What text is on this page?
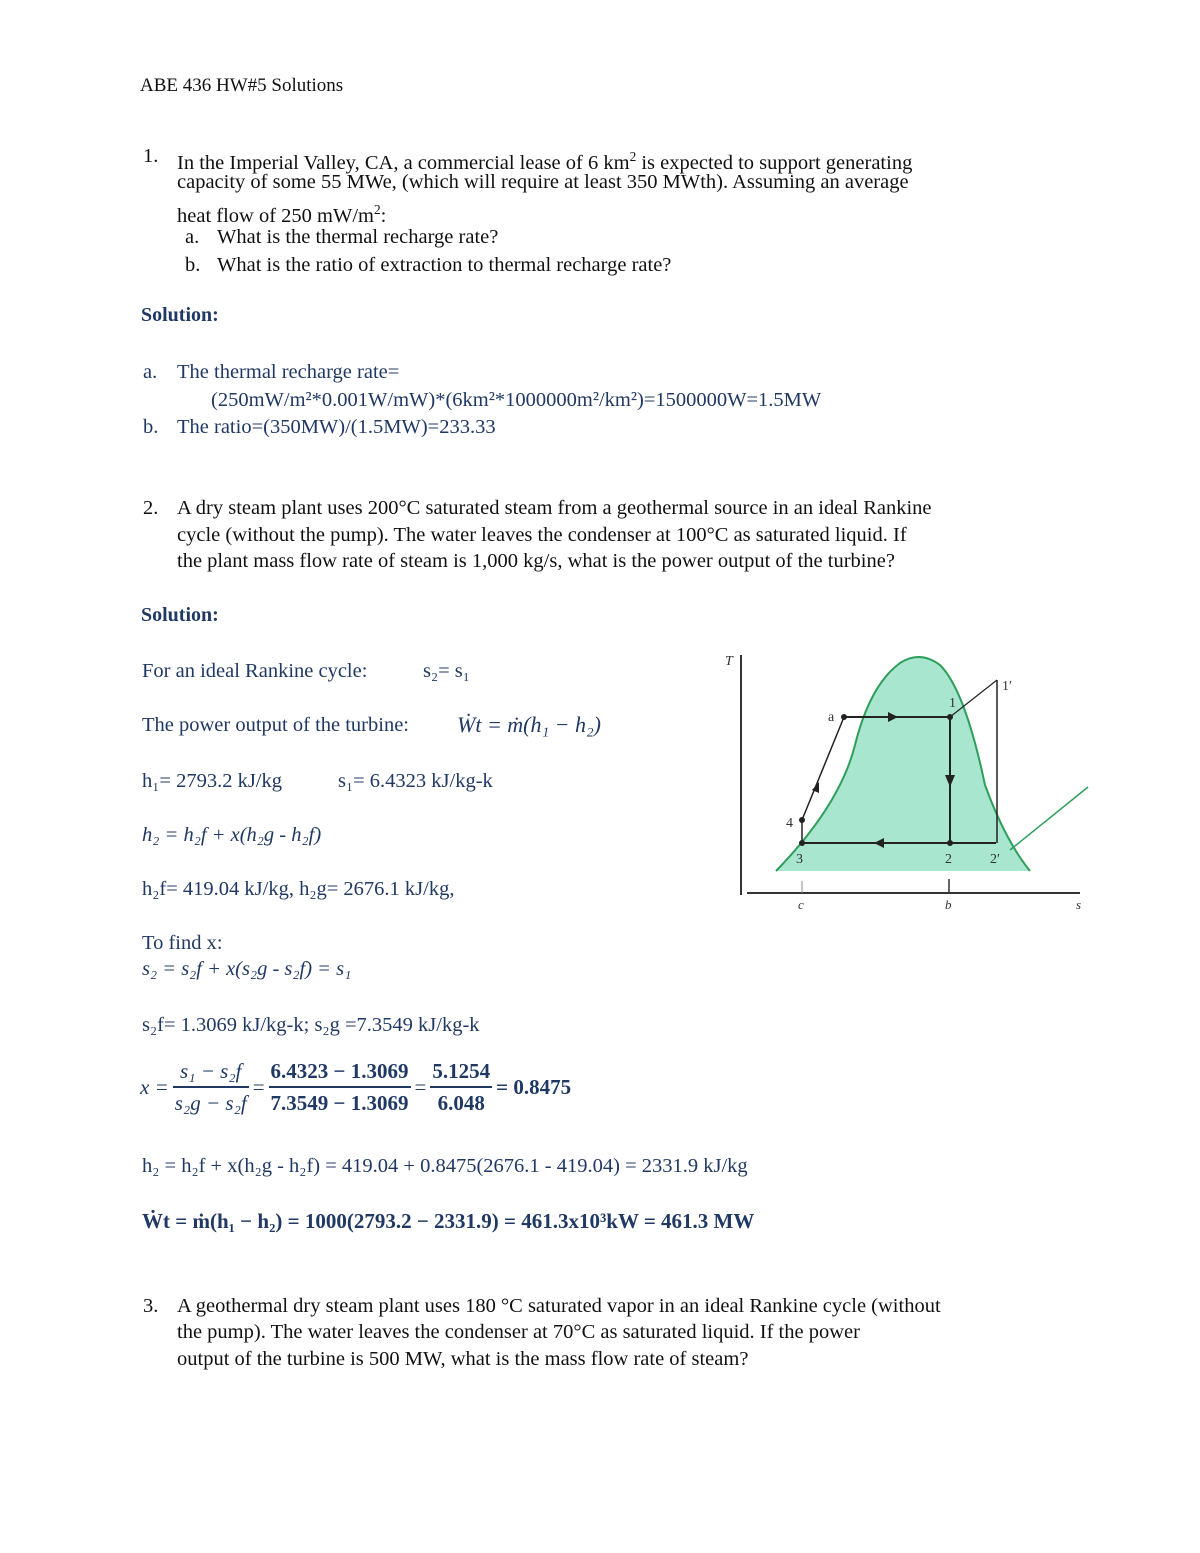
ABE 436 HW#5 Solutions
1. In the Imperial Valley, CA, a commercial lease of 6 $km^2$ is expected to support generating
capacity of some 55 MWe, (which will require at least 350 MWth). Assuming an average
heat flow of 250 $mW/m^2$:
a. What is the thermal recharge rate?
b. What is the ratio of extraction to thermal recharge rate?
Solution:
a. The thermal recharge rate=
(250mW/m²*0.001W/mW)*(6km²*1000000m²/km²)=1500000W=1.5MW
b. The ratio=(350MW)/(1.5MW)=233.33
2. A dry steam plant uses 200°C saturated steam from a geothermal source in an ideal Rankine
cycle (without the pump). The water leaves the condenser at 100°C as saturated liquid. If
the plant mass flow rate of steam is 1,000 kg/s, what is the power output of the turbine?
Solution:
For an ideal Rankine cycle:	s₂= s₁
The power output of the turbine: Ẇt = ṁ(h₁ − h₂)
h₁= 2793.2 kJ/kg	s₁= 6.4323 kJ/kg-k
h₂ = h₂f + x(h₂g - h₂f)
h₂f= 419.04 kJ/kg, h₂g= 2676.1 kJ/kg,
To find x:
s₂ = s₂f + x(s₂g - s₂f) = s₁
s₂f= 1.3069 kJ/kg-k; s₂g =7.3549 kJ/kg-k
$x = \frac{\text{s₁ − s₂f}}{\text{s₂g − s₂f}} = \frac{6.4323 - 1.3069}{7.3549 - 1.3069} = \frac{5.1254}{6.048} = 0.8475$
h₂ = h₂f + x(h₂g - h₂f) = 419.04 + 0.8475(2676.1 - 419.04) = 2331.9 kJ/kg
Ẇt = ṁ(h₁ − h₂) = 1000(2793.2 − 2331.9) = 461.3x10³kW = 461.3 MW
T
s
a
1
1′
4
3	2	2′
c	b
3. A geothermal dry steam plant uses 180 °C saturated vapor in an ideal Rankine cycle (without
the pump). The water leaves the condenser at 70°C as saturated liquid. If the power
output of the turbine is 500 MW, what is the mass flow rate of steam?
